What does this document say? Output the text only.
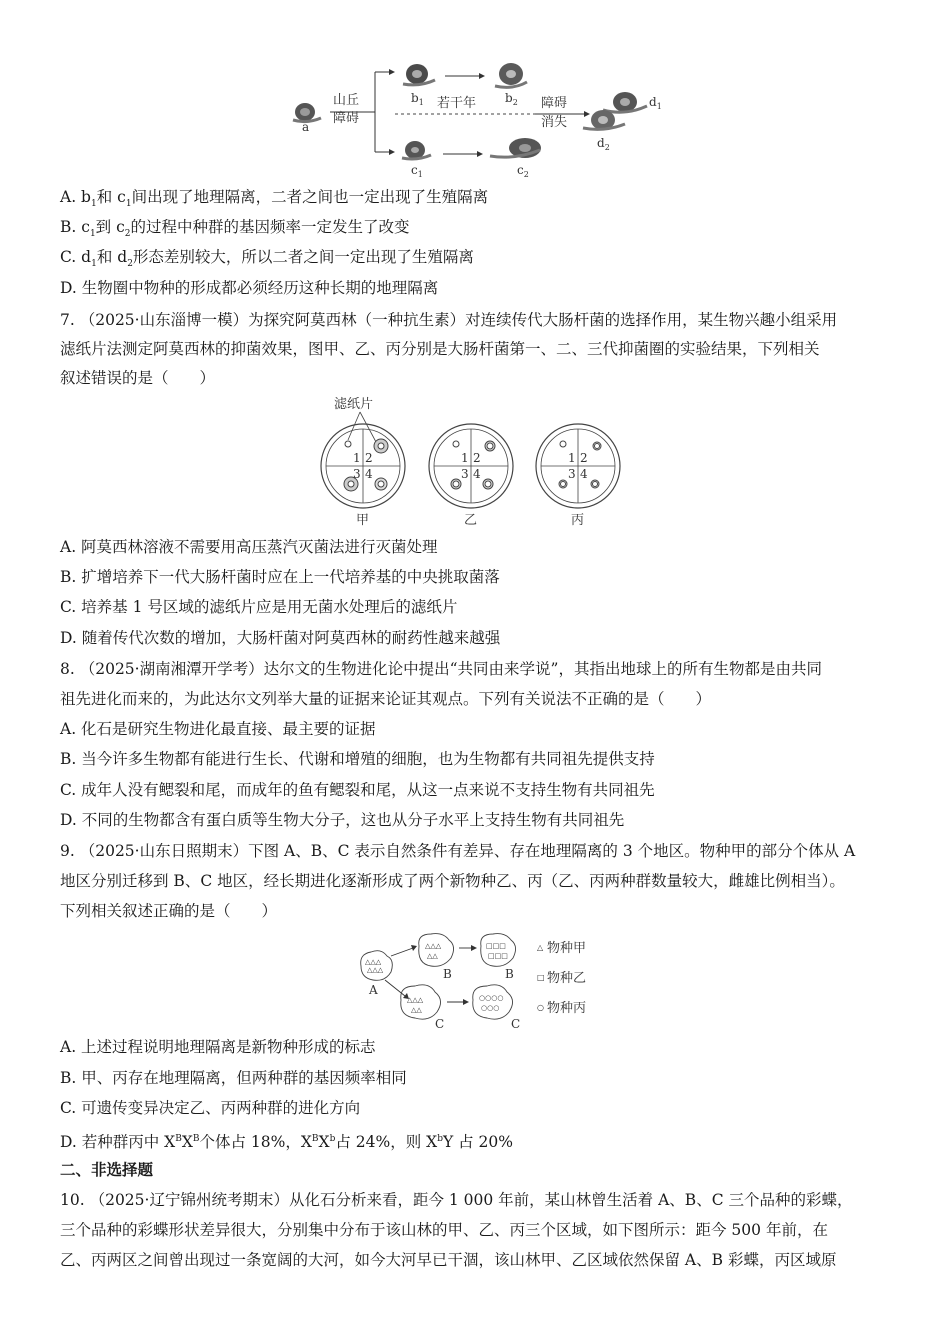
a
山丘
障碍
若干年
$b_1$	$b_2$
$c_1$	$c_2$
障碍
消失
$d_1$
$d_2$
A. $b_1$和 $c_1$间出现了地理隔离，二者之间也一定出现了生殖隔离
B. $c_1$到 $c_2$的过程中种群的基因频率一定发生了改变
C. $d_1$和 $d_2$形态差别较大，所以二者之间一定出现了生殖隔离
D. 生物圈中物种的形成都必须经历这种长期的地理隔离
7. （2025·山东淄博一模）为探究阿莫西林（一种抗生素）对连续传代大肠杆菌的选择作用，某生物兴趣小组采用
滤纸片法测定阿莫西林的抑菌效果，图甲、乙、丙分别是大肠杆菌第一、二、三代抑菌圈的实验结果，下列相关
叙述错误的是（　　）
滤纸片
1 2
3 4
甲
1 2
3 4
乙
1 2
3 4
丙
A. 阿莫西林溶液不需要用高压蒸汽灭菌法进行灭菌处理
B. 扩增培养下一代大肠杆菌时应在上一代培养基的中央挑取菌落
C. 培养基 1 号区域的滤纸片应是用无菌水处理后的滤纸片
D. 随着传代次数的增加，大肠杆菌对阿莫西林的耐药性越来越强
8. （2025·湖南湘潭开学考）达尔文的生物进化论中提出“共同由来学说”，其指出地球上的所有生物都是由共同
祖先进化而来的，为此达尔文列举大量的证据来论证其观点。下列有关说法不正确的是（　　）
A. 化石是研究生物进化最直接、最主要的证据
B. 当今许多生物都有能进行生长、代谢和增殖的细胞，也为生物都有共同祖先提供支持
C. 成年人没有鳃裂和尾，而成年的鱼有鳃裂和尾，从这一点来说不支持生物有共同祖先
D. 不同的生物都含有蛋白质等生物大分子，这也从分子水平上支持生物有共同祖先
9. （2025·山东日照期末）下图 A、B、C 表示自然条件有差异、存在地理隔离的 3 个地区。物种甲的部分个体从 A
地区分别迁移到 B、C 地区，经长期进化逐渐形成了两个新物种乙、丙（乙、丙两种群数量较大，雌雄比例相当）。
下列相关叙述正确的是（　　）
△△△
△△△
A
△△△
△△
B
□□□
□□□
B
△△△
△△
C
○○○○
○○○
C
△ 物种甲
□ 物种乙
○ 物种丙
A. 上述过程说明地理隔离是新物种形成的标志
B. 甲、丙存在地理隔离，但两种群的基因频率相同
C. 可遗传变异决定乙、丙两种群的进化方向
D. 若种群丙中 $X^BX^B$个体占 18%，$X^BX^b$占 24%，则 $X^bY$ 占 20%
二、非选择题
10. （2025·辽宁锦州统考期末）从化石分析来看，距今 1 000 年前，某山林曾生活着 A、B、C 三个品种的彩蝶，
三个品种的彩蝶形状差异很大，分别集中分布于该山林的甲、乙、丙三个区域，如下图所示：距今 500 年前，在
乙、丙两区之间曾出现过一条宽阔的大河，如今大河早已干涸，该山林甲、乙区域依然保留 A、B 彩蝶，丙区域原
